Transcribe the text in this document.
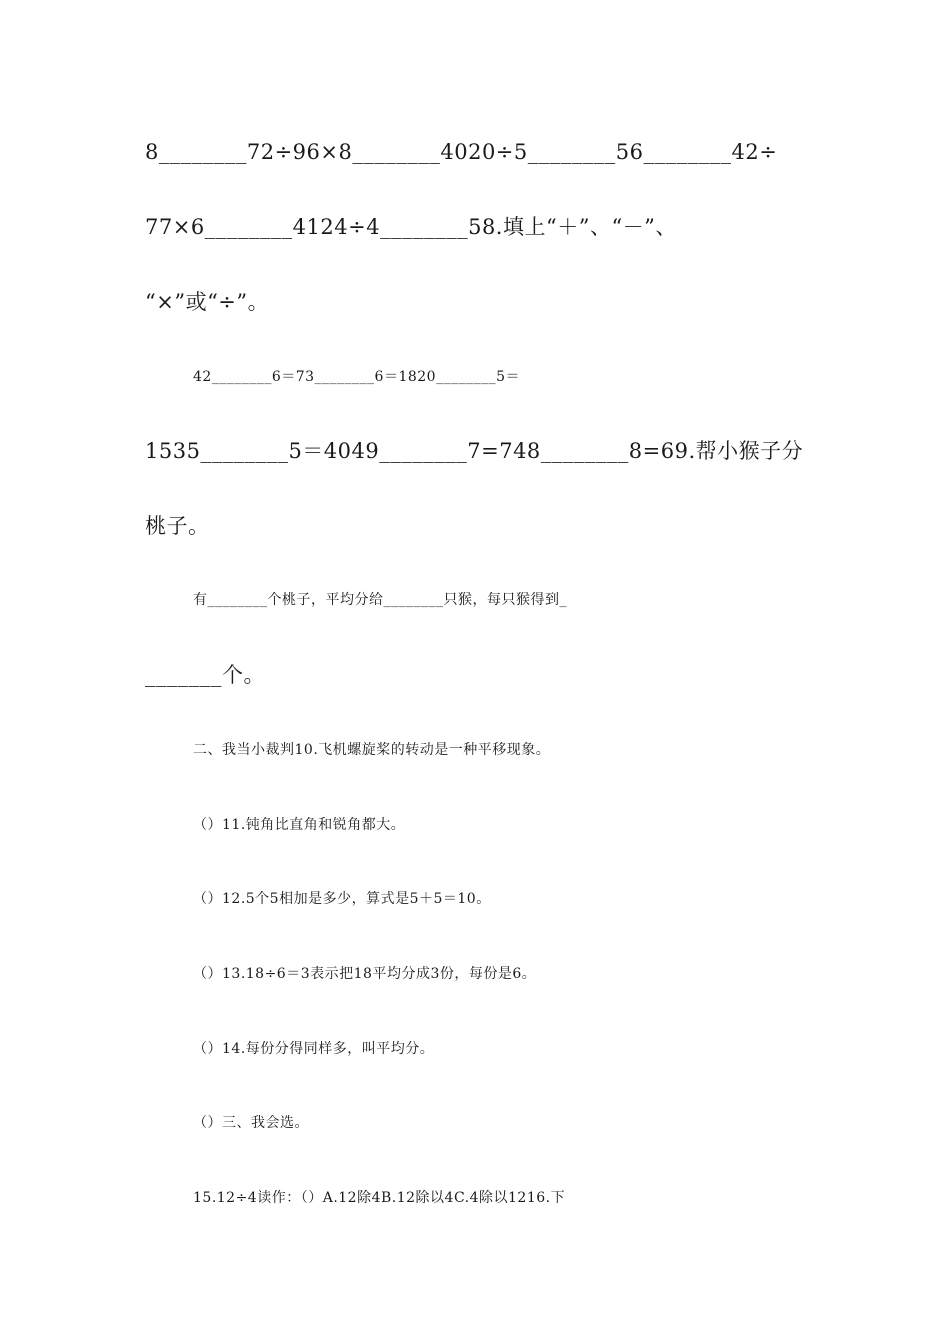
8________72÷96×8________4020÷5________56________42÷
77×6________4124÷4________58.填上“＋”、“－”、
“×”或“÷”。
42________6＝73________6＝1820________5＝
1535________5＝4049________7=748________8=69.帮小猴子分
桃子。
有________个桃子，平均分给________只猴，每只猴得到_
_______个。
二、我当小裁判10.飞机螺旋桨的转动是一种平移现象。
（）11.钝角比直角和锐角都大。
（）12.5个5相加是多少，算式是5＋5＝10。
（）13.18÷6＝3表示把18平均分成3份，每份是6。
（）14.每份分得同样多，叫平均分。
（）三、我会选。
15.12÷4读作：（）A.12除4B.12除以4C.4除以1216.下
